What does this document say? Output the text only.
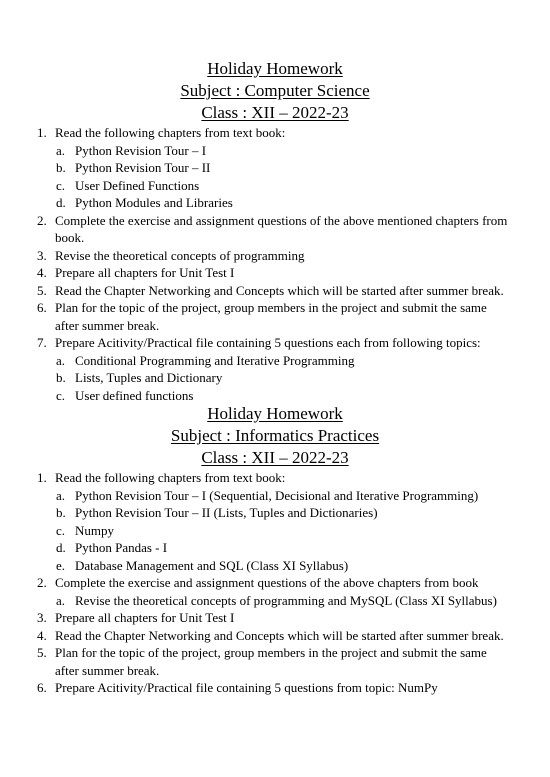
Holiday Homework
Subject : Computer Science
Class : XII – 2022-23
1. Read the following chapters from text book:
a. Python Revision Tour – I
b. Python Revision Tour – II
c. User Defined Functions
d. Python Modules and Libraries
2. Complete the exercise and assignment questions of the above mentioned chapters from book.
3. Revise the theoretical concepts of programming
4. Prepare all chapters for Unit Test I
5. Read the Chapter Networking and Concepts which will be started after summer break.
6. Plan for the topic of the project, group members in the project and submit the same after summer break.
7. Prepare Acitivity/Practical file containing 5 questions each from following topics:
a. Conditional Programming and Iterative Programming
b. Lists, Tuples and Dictionary
c. User defined functions
Holiday Homework
Subject : Informatics Practices
Class : XII – 2022-23
1. Read the following chapters from text book:
a. Python Revision Tour – I (Sequential, Decisional and Iterative Programming)
b. Python Revision Tour – II (Lists, Tuples and Dictionaries)
c. Numpy
d. Python Pandas - I
e. Database Management and SQL (Class XI Syllabus)
2. Complete the exercise and assignment questions of the above chapters from book
a. Revise the theoretical concepts of programming and MySQL (Class XI Syllabus)
3. Prepare all chapters for Unit Test I
4. Read the Chapter Networking and Concepts which will be started after summer break.
5. Plan for the topic of the project, group members in the project and submit the same after summer break.
6. Prepare Acitivity/Practical file containing 5 questions from topic: NumPy
